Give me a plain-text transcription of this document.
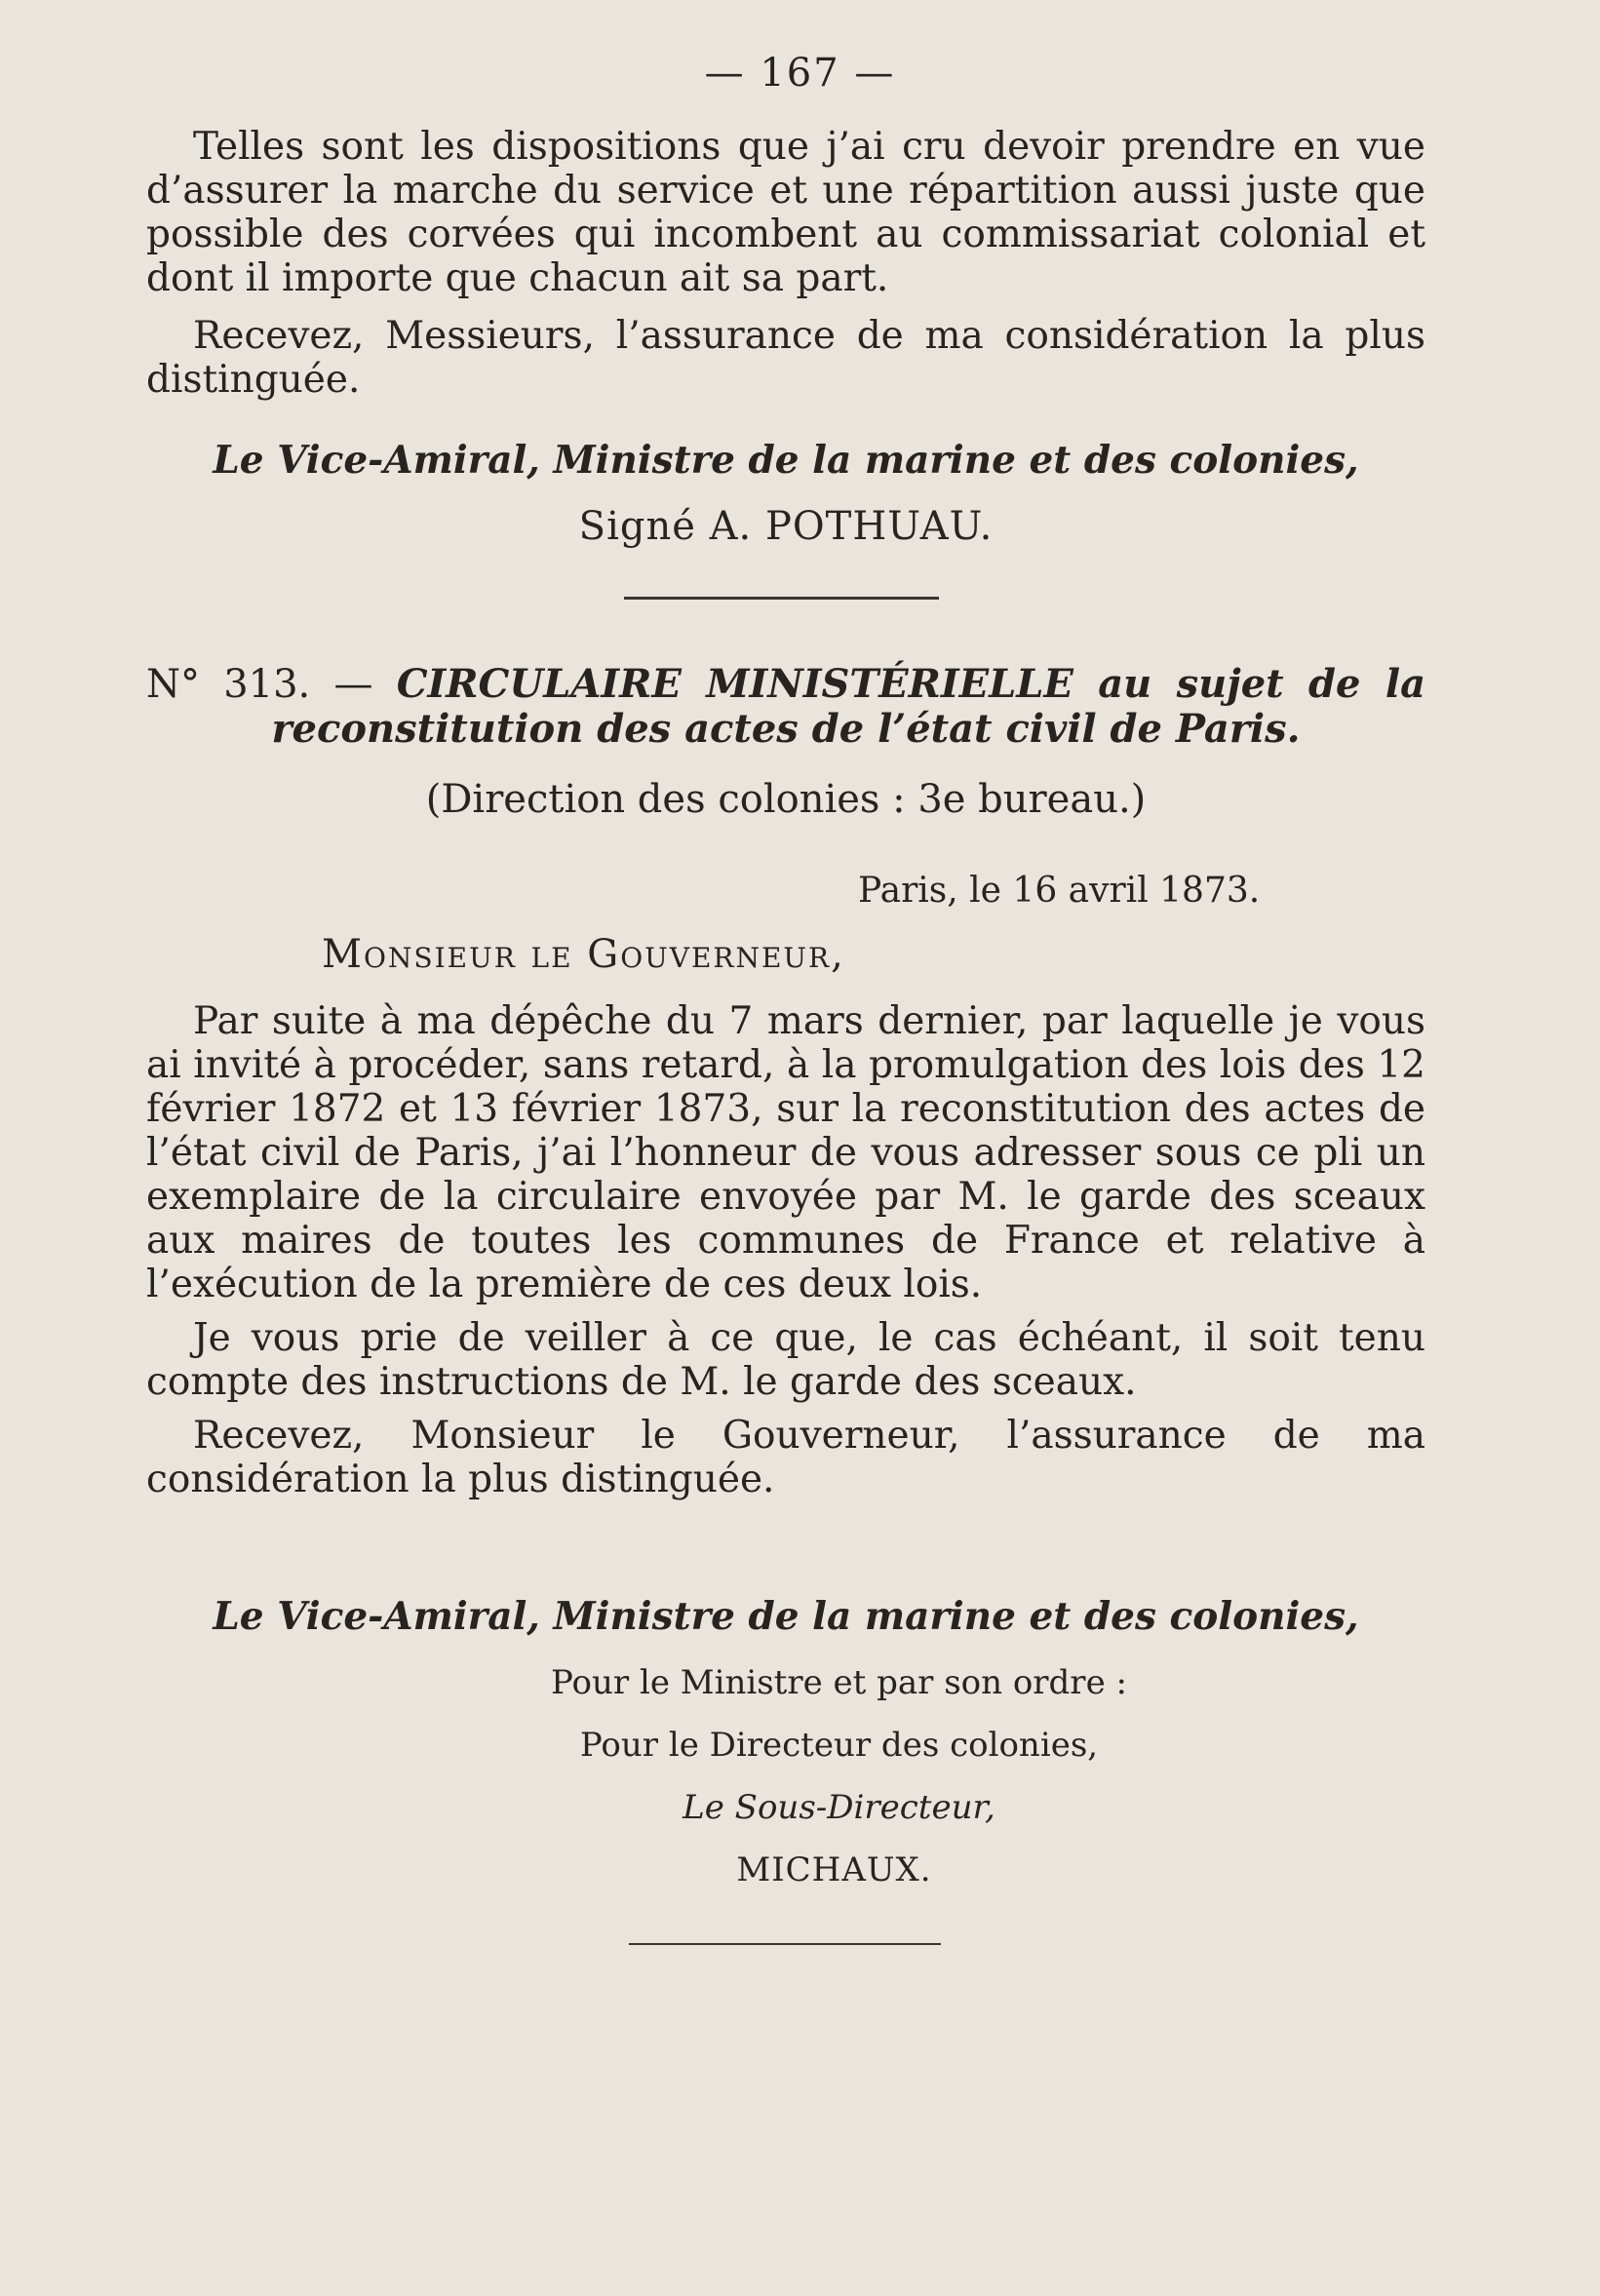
— 167 —

Telles sont les dispositions que j’ai cru devoir prendre en vue d’assurer la marche du service et une répartition aussi juste que possible des corvées qui incombent au commissariat colonial et dont il importe que chacun ait sa part.

Recevez, Messieurs, l’assurance de ma considération la plus distinguée.

Le Vice-Amiral, Ministre de la marine et des colonies,
Signé A. POTHUAU.
N° 313. — CIRCULAIRE MINISTÉRIELLE au sujet de la
reconstitution des actes de l’état civil de Paris.
(Direction des colonies : 3e bureau.)
Paris, le 16 avril 1873.
Monsieur le Gouverneur,

Par suite à ma dépêche du 7 mars dernier, par laquelle je vous ai invité à procéder, sans retard, à la promulgation des lois des 12 février 1872 et 13 février 1873, sur la reconstitution des actes de l’état civil de Paris, j’ai l’honneur de vous adresser sous ce pli un exemplaire de la circulaire envoyée par M. le garde des sceaux aux maires de toutes les communes de France et relative à l’exécution de la première de ces deux lois.

Je vous prie de veiller à ce que, le cas échéant, il soit tenu compte des instructions de M. le garde des sceaux.

Recevez, Monsieur le Gouverneur, l’assurance de ma considération la plus distinguée.

Le Vice-Amiral, Ministre de la marine et des colonies,
Pour le Ministre et par son ordre :
Pour le Directeur des colonies,
Le Sous-Directeur,
MICHAUX.
